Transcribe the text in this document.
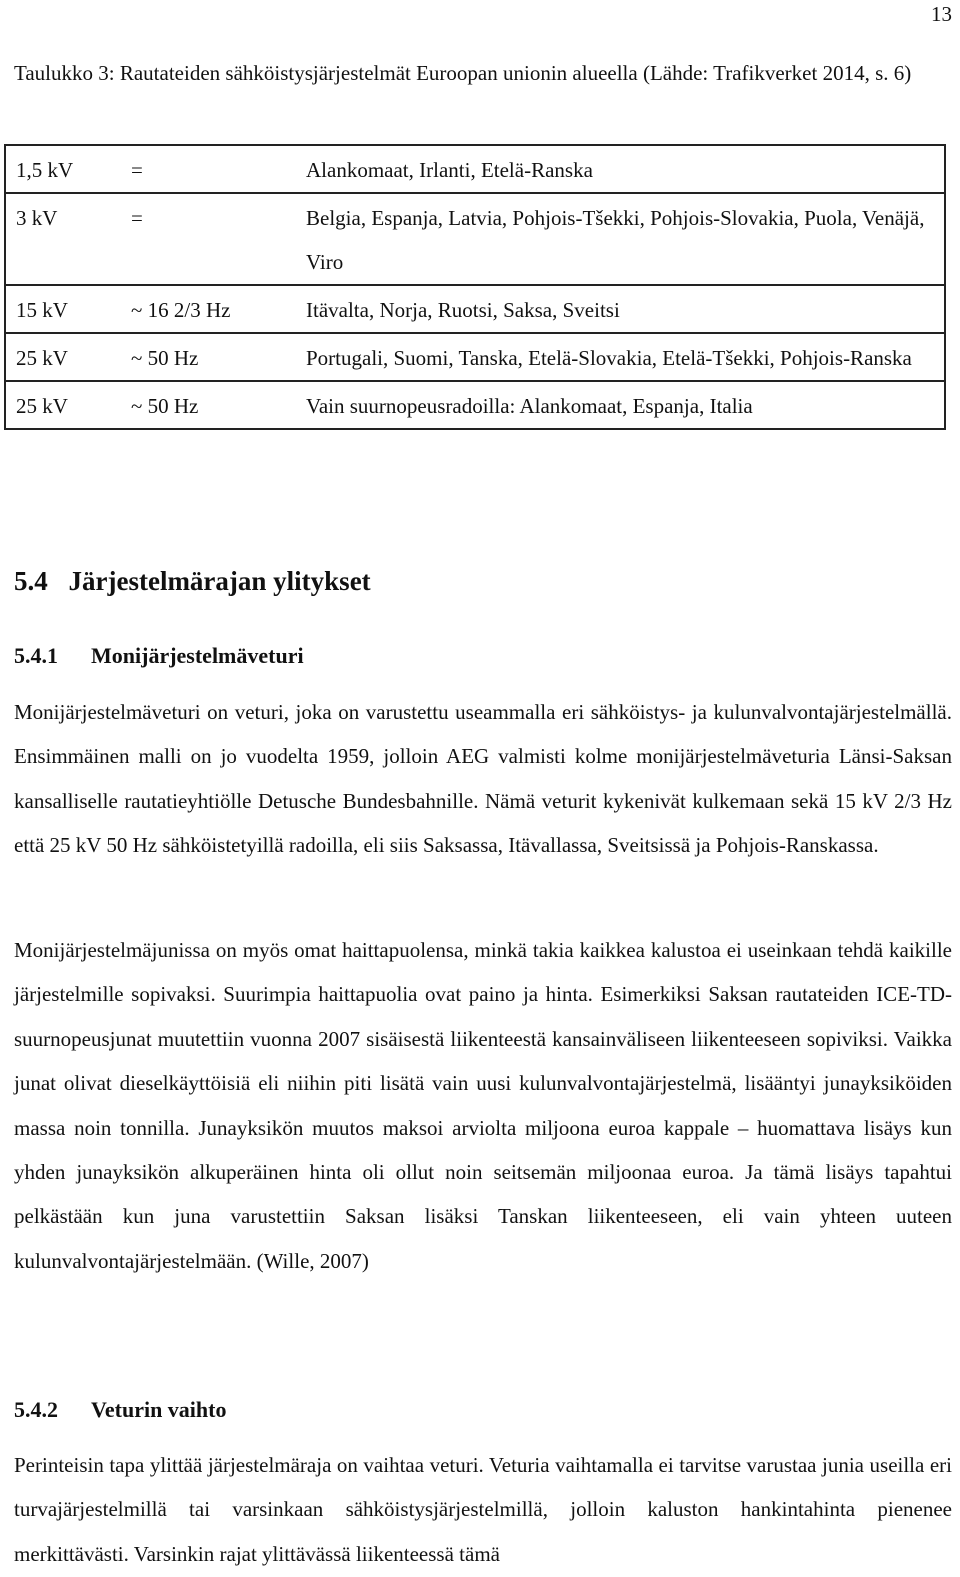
13

Taulukko 3: Rautateiden sähköistysjärjestelmät Euroopan unionin alueella (Lähde: Trafikverket 2014, s. 6)

1,5 kV	=	Alankomaat, Irlanti, Etelä-Ranska
3 kV	=	Belgia, Espanja, Latvia, Pohjois-Tšekki, Pohjois-Slovakia, Puola, Venäjä, Viro
15 kV	~ 16 2/3 Hz	Itävalta, Norja, Ruotsi, Saksa, Sveitsi
25 kV	~ 50 Hz	Portugali, Suomi, Tanska, Etelä-Slovakia, Etelä-Tšekki, Pohjois-Ranska
25 kV	~ 50 Hz	Vain suurnopeusradoilla: Alankomaat, Espanja, Italia
5.4 Järjestelmärajan ylitykset
5.4.1 Monijärjestelmäveturi

Monijärjestelmäveturi on veturi, joka on varustettu useammalla eri sähköistys- ja kulunvalvontajärjestelmällä. Ensimmäinen malli on jo vuodelta 1959, jolloin AEG valmisti kolme monijärjestelmäveturia Länsi-Saksan kansalliselle rautatieyhtiölle Detusche Bundesbahnille. Nämä veturit kykenivät kulkemaan sekä 15 kV 2/3 Hz että 25 kV 50 Hz sähköistetyillä radoilla, eli siis Saksassa, Itävallassa, Sveitsissä ja Pohjois-Ranskassa.

Monijärjestelmäjunissa on myös omat haittapuolensa, minkä takia kaikkea kalustoa ei useinkaan tehdä kaikille järjestelmille sopivaksi. Suurimpia haittapuolia ovat paino ja hinta. Esimerkiksi Saksan rautateiden ICE-TD-suurnopeusjunat muutettiin vuonna 2007 sisäisestä liikenteestä kansainväliseen liikenteeseen sopiviksi. Vaikka junat olivat dieselkäyttöisiä eli niihin piti lisätä vain uusi kulunvalvontajärjestelmä, lisääntyi junayksiköiden massa noin tonnilla. Junayksikön muutos maksoi arviolta miljoona euroa kappale – huomattava lisäys kun yhden junayksikön alkuperäinen hinta oli ollut noin seitsemän miljoonaa euroa. Ja tämä lisäys tapahtui pelkästään kun juna varustettiin Saksan lisäksi Tanskan liikenteeseen, eli vain yhteen uuteen kulunvalvontajärjestelmään. (Wille, 2007)

5.4.2 Veturin vaihto

Perinteisin tapa ylittää järjestelmäraja on vaihtaa veturi. Veturia vaihtamalla ei tarvitse varustaa junia useilla eri turvajärjestelmillä tai varsinkaan sähköistysjärjestelmillä, jolloin kaluston hankintahinta pienenee merkittävästi. Varsinkin rajat ylittävässä liikenteessä tämä
